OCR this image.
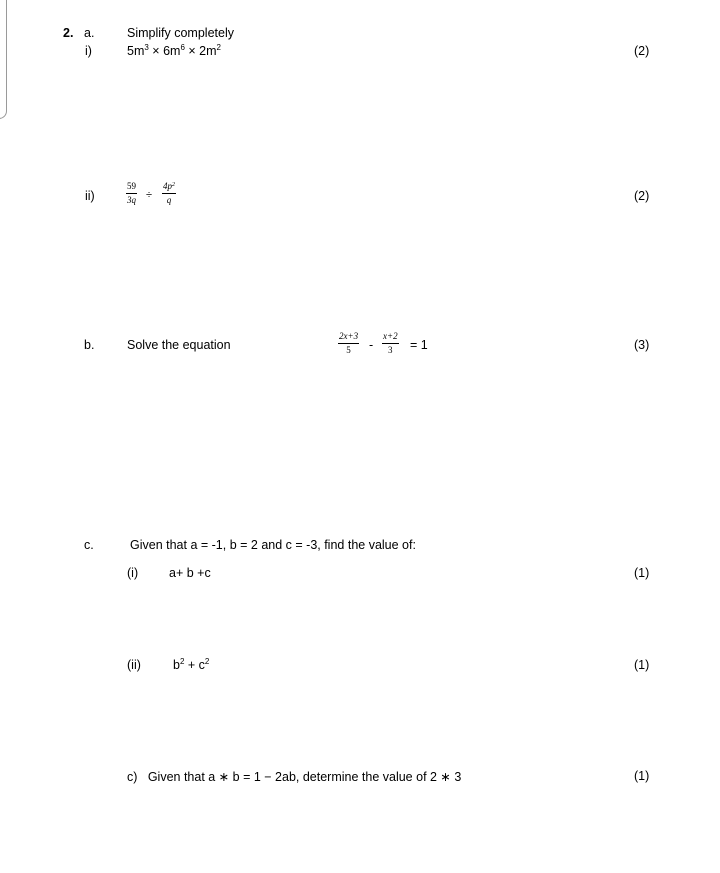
2. a.	Simplify completely
i)	$5m^3 \times 6m^6 \times 2m^2$	(2)
ii)
59
3q ÷
$4p^2$
q	(2)
b.	Solve the equation
2x+3
5 -
x+2
3 = 1	(3)
c.	Given that a = -1, b = 2 and c = -3, find the value of:
(i) a+ b +c	(1)
(ii)	$b^2 + c^2$	(1)
c)   Given that a ∗ b = 1 − 2ab, determine the value of 2 ∗ 3	(1)
